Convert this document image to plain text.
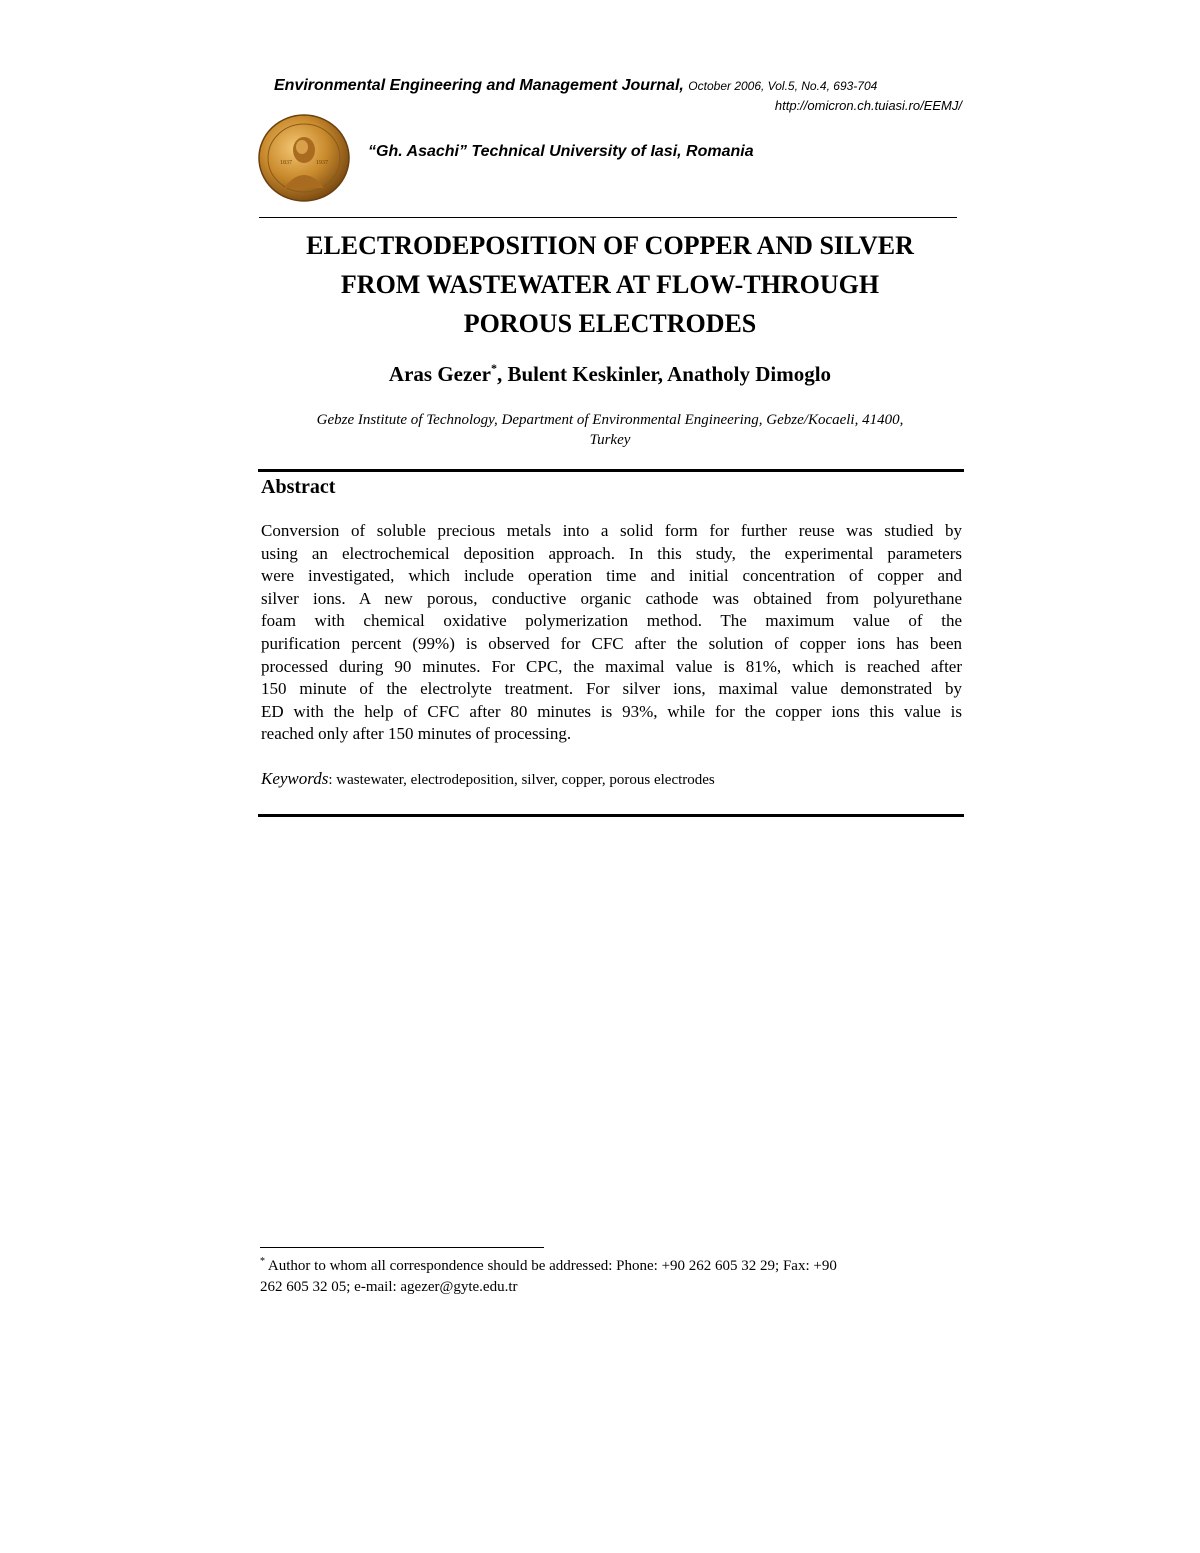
Environmental Engineering and Management Journal, October 2006, Vol.5, No.4, 693-704
http://omicron.ch.tuiasi.ro/EEMJ/
1837	1937
“Gh. Asachi” Technical University of Iasi, Romania
ELECTRODEPOSITION OF COPPER AND SILVER
FROM WASTEWATER AT FLOW-THROUGH
POROUS ELECTRODES
Aras Gezer*, Bulent Keskinler, Anatholy Dimoglo
Gebze Institute of Technology, Department of Environmental Engineering, Gebze/Kocaeli, 41400,
Turkey
Abstract
Conversion of soluble precious metals into a solid form for further reuse was studied by
using an electrochemical deposition approach. In this study, the experimental parameters
were investigated, which include operation time and initial concentration of copper and
silver ions. A new porous, conductive organic cathode was obtained from polyurethane
foam with chemical oxidative polymerization method. The maximum value of the
purification percent (99%) is observed for CFC after the solution of copper ions has been
processed during 90 minutes. For CPC, the maximal value is 81%, which is reached after
150 minute of the electrolyte treatment. For silver ions, maximal value demonstrated by
ED with the help of CFC after 80 minutes is 93%, while for the copper ions this value is
reached only after 150 minutes of processing.
Keywords: wastewater, electrodeposition, silver, copper, porous electrodes
* Author to whom all correspondence should be addressed: Phone: +90 262 605 32 29; Fax: +90
262 605 32 05; e-mail: agezer@gyte.edu.tr
